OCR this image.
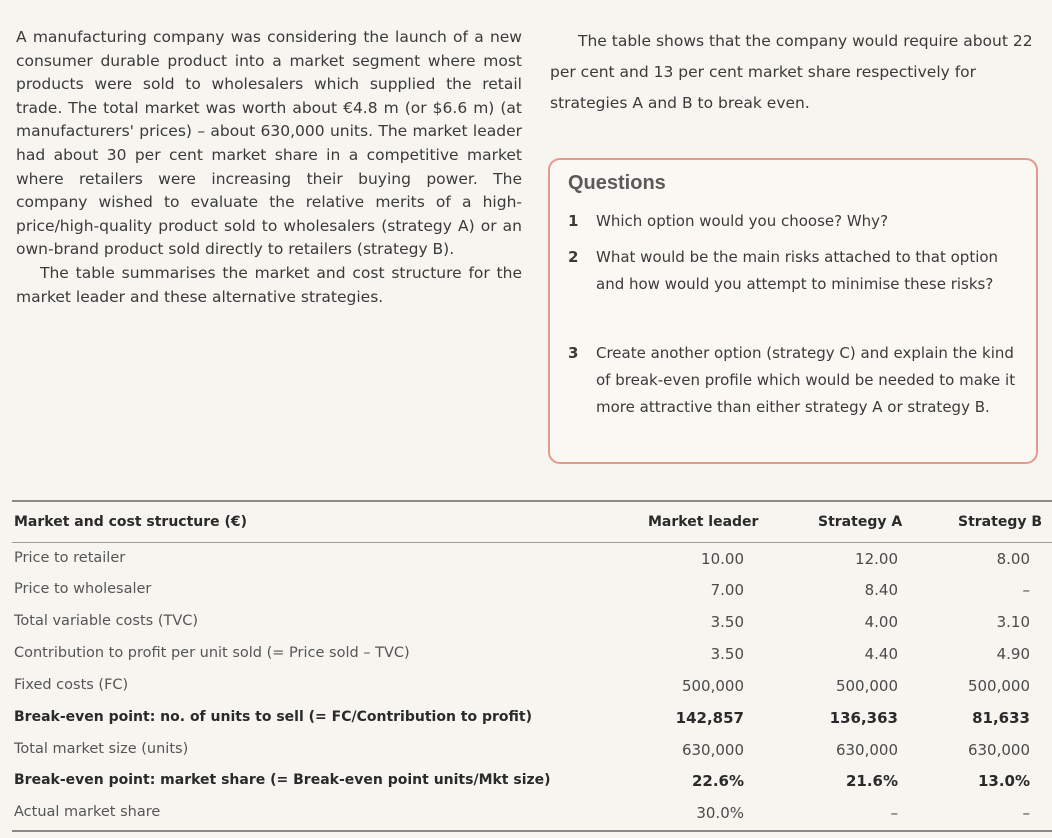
A manufacturing company was considering the launch of a new consumer durable product into a market segment where most products were sold to wholesalers which supplied the retail trade. The total market was worth about €4.8 m (or $6.6 m) (at manufacturers' prices) – about 630,000 units. The market leader had about 30 per cent market share in a competitive market where retailers were increasing their buying power. The company wished to evaluate the relative merits of a high-price/high-quality product sold to wholesalers (strategy A) or an own-brand product sold directly to retailers (strategy B).

The table summarises the market and cost structure for the market leader and these alternative strategies.

The table shows that the company would require about 22 per cent and 13 per cent market share respectively for strategies A and B to break even.

Questions
1 Which option would you choose? Why?
2 What would be the main risks attached to that option and how would you attempt to minimise these risks?
3 Create another option (strategy C) and explain the kind of break-even profile which would be needed to make it more attractive than either strategy A or strategy B.
Market and cost structure (€)	Market leader	Strategy A	Strategy B
Price to retailer	10.00	12.00	8.00
Price to wholesaler	7.00	8.40	–
Total variable costs (TVC)	3.50	4.00	3.10
Contribution to profit per unit sold (= Price sold – TVC)	3.50	4.40	4.90
Fixed costs (FC)	500,000	500,000	500,000
Break-even point: no. of units to sell (= FC/Contribution to profit)	142,857	136,363	81,633
Total market size (units)	630,000	630,000	630,000
Break-even point: market share (= Break-even point units/Mkt size)	22.6%	21.6%	13.0%
Actual market share	30.0%	–	–
